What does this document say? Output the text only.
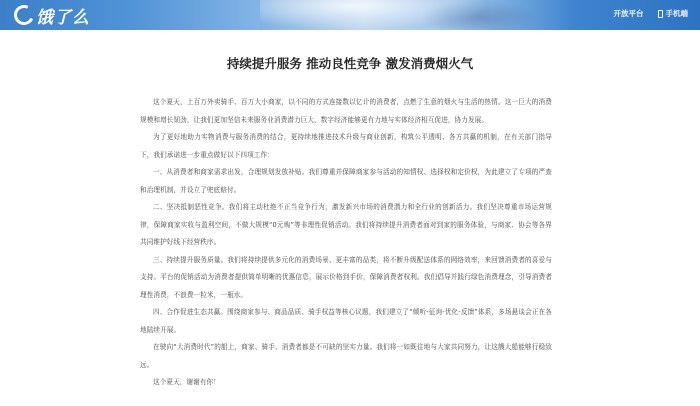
饿了么	开放平台	手机端
持续提升服务 推动良性竞争 激发消费烟火气

这个夏天，上百万外卖骑手、百万大小商家，以不同的方式连接数以亿计的消费者，点燃了生意的烟火与生活的热情。这一巨大的消费规模和增长韧劲，让我们更加坚信未来服务业消费潜力巨大，数字经济能够更有力地与实体经济相互促进，协力发展。

为了更好地助力实物消费与服务消费的结合，更持续地推进技术升级与商业创新，构筑公平透明、各方共赢的机制，在有关部门指导下，我们承诺进一步重点做好以下四项工作：

一、从消费者和商家需求出发，合理规划发放补贴。我们尊重并保障商家参与活动的知情权、选择权和定价权，为此建立了专项的严查和治理机制，并设立了兜底赔付。

二、坚决抵制恶性竞争。我们将主动杜绝不正当竞争行为，激发新兴市场的消费潜力和全行业的创新活力。我们坚决尊重市场运营规律，保障商家实收与盈利空间，不做大规模“0元购”等非理性促销活动。我们将持续提升消费者面对到家的服务体验，与商家、协会等各界共同维护好线下经营秩序。

三、持续提升服务质量。我们将持续提供多元化的消费场景、更丰富的品类，将不断升级配送体系的网络效率，来回馈消费者的喜爱与支持。平台的促销活动为消费者提供简单明晰的优惠信息，展示价格到手价，保障消费者权利。我们倡导并践行绿色消费理念，引导消费者理性消费，不浪费一粒米，一瓶水。

四、合作促进生态共赢。围绕商家参与、商品品质、骑手权益等核心议题，我们建立了“倾听-征询-优化-反馈”体系，多场悬谈会正在各地陆续开展。

在驶向“大消费时代”的船上，商家、骑手、消费者都是不可缺的坚实力量。我们将一如既往地与大家共同努力，让这艘大船能够行稳致远。

这个夏天，谢谢有你！
